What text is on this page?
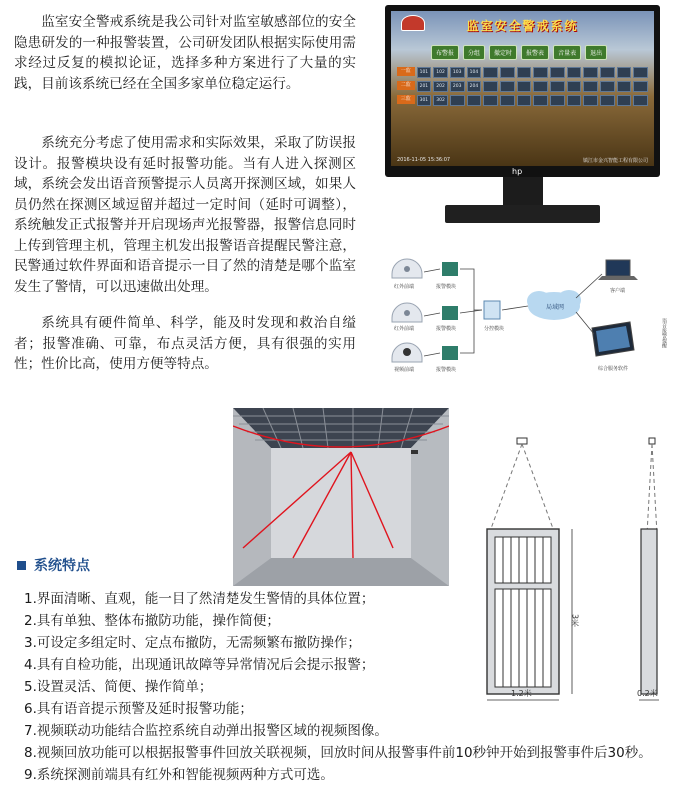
监室安全警戒系统是我公司针对监室敏感部位的安全隐患研发的一种报警装置，公司研发团队根据实际使用需求经过反复的模拟论证，选择多种方案进行了大量的实践，目前该系统已经在全国多家单位稳定运行。

系统充分考虑了使用需求和实际效果，采取了防误报设计。报警模块设有延时报警功能。当有人进入探测区域，系统会发出语音预警提示人员离开探测区域，如果人员仍然在探测区域逗留并超过一定时间（延时可调整），系统触发正式报警并开启现场声光报警器，报警信息同时上传到管理主机，管理主机发出报警语音提醒民警注意，民警通过软件界面和语音提示一目了然的清楚是哪个监室发生了警情，可以迅速做出处理。

系统具有硬件简单、科学，能及时发现和救治自缢者；报警准确、可靠，布点灵活方便，具有很强的实用性；性价比高，使用方便等特点。

监室安全警戒系统
布警报	分组	撤定时	报警表	音量表	退出
一监	101	102	103	104
二监	201	202	203	204
三监	301	302
2016-11-05 15:36:07	镇江市金兴智能工程有限公司
hp
红外前端
红外前端
视频前端
报警模块
报警模块
报警模块
分控模块
局域网
客户端
综合服务软件
语音报警提醒
3米
1.2米	0.2米
系统特点
1.界面清晰、直观，能一目了然清楚发生警情的具体位置；
2.具有单独、整体布撤防功能，操作简便；
3.可设定多组定时、定点布撤防，无需频繁布撤防操作；
4.具有自检功能，出现通讯故障等异常情况后会提示报警；
5.设置灵活、简便、操作简单；
6.具有语音提示预警及延时报警功能；
7.视频联动功能结合监控系统自动弹出报警区域的视频图像。
8.视频回放功能可以根据报警事件回放关联视频，回放时间从报警事件前10秒钟开始到报警事件后30秒。
9.系统探测前端具有红外和智能视频两种方式可选。
